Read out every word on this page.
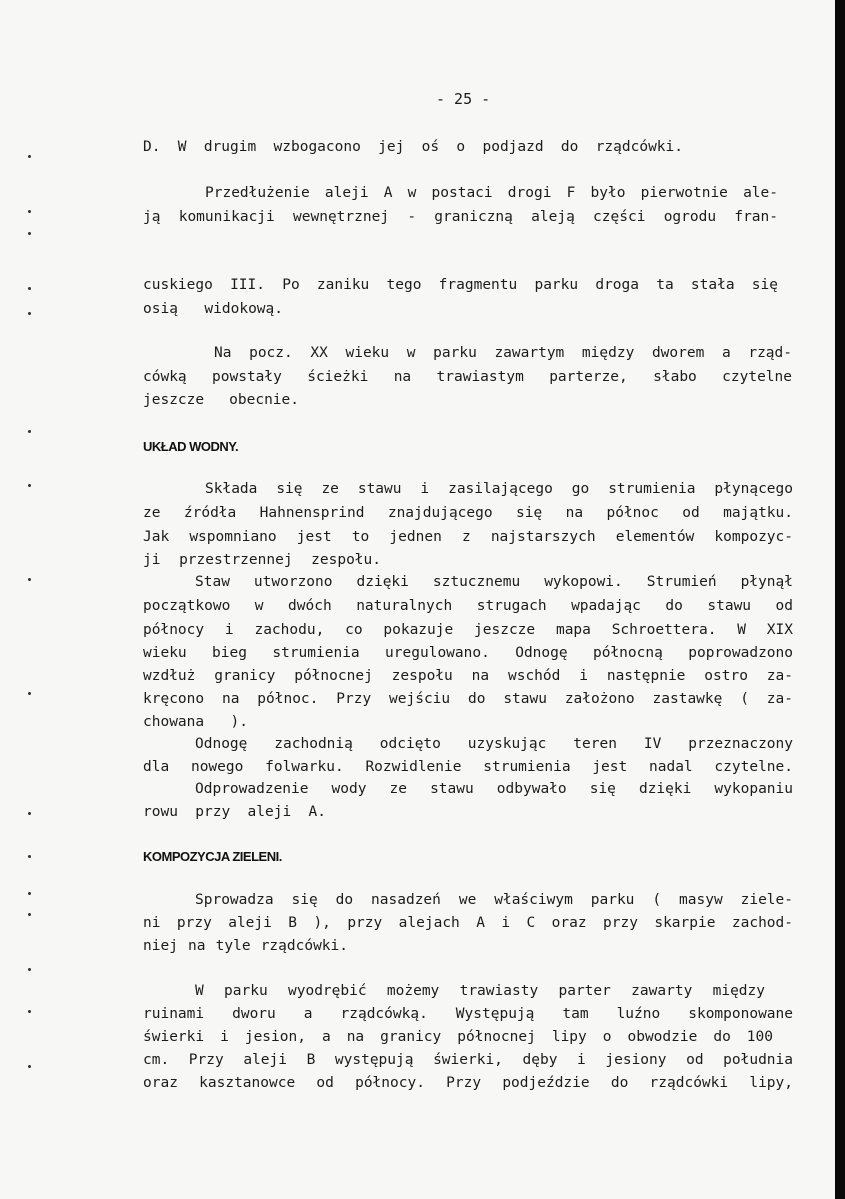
- 25 -
D. W drugim wzbogacono jej oś o podjazd do rządcówki.
Przedłużenie aleji A w postaci drogi F było pierwotnie ale-
ją komunikacji wewnętrznej - graniczną aleją części ogrodu fran-
cuskiego III. Po zaniku tego fragmentu parku droga ta stała się
osią widokową.
Na pocz. XX wieku w parku zawartym między dworem a rząd-
cówką powstały ścieżki na trawiastym parterze, słabo czytelne
jeszcze obecnie.
UKŁAD WODNY.
Składa się ze stawu i zasilającego go strumienia płynącego
ze źródła Hahnensprind znajdującego się na północ od majątku.
Jak wspomniano jest to jednen z najstarszych elementów kompozyc-
ji przestrzennej zespołu.
Staw utworzono dzięki sztucznemu wykopowi. Strumień płynął
początkowo w dwóch naturalnych strugach wpadając do stawu od
północy i zachodu, co pokazuje jeszcze mapa Schroettera. W XIX
wieku bieg strumienia uregulowano. Odnogę północną poprowadzono
wzdłuż granicy północnej zespołu na wschód i następnie ostro za-
kręcono na północ. Przy wejściu do stawu założono zastawkę ( za-
chowana ).
Odnogę zachodnią odcięto uzyskując teren IV przeznaczony
dla nowego folwarku. Rozwidlenie strumienia jest nadal czytelne.
Odprowadzenie wody ze stawu odbywało się dzięki wykopaniu
rowu przy aleji A.
KOMPOZYCJA ZIELENI.
Sprowadza się do nasadzeń we właściwym parku ( masyw ziele-
ni przy aleji B ), przy alejach A i C oraz przy skarpie zachod-
niej na tyle rządcówki.
W parku wyodrębić możemy trawiasty parter zawarty między
ruinami dworu a rządcówką. Występują tam luźno skomponowane
świerki i jesion, a na granicy północnej lipy o obwodzie do 100
cm. Przy aleji B występują świerki, dęby i jesiony od południa
oraz kasztanowce od północy. Przy podjeździe do rządcówki lipy,
